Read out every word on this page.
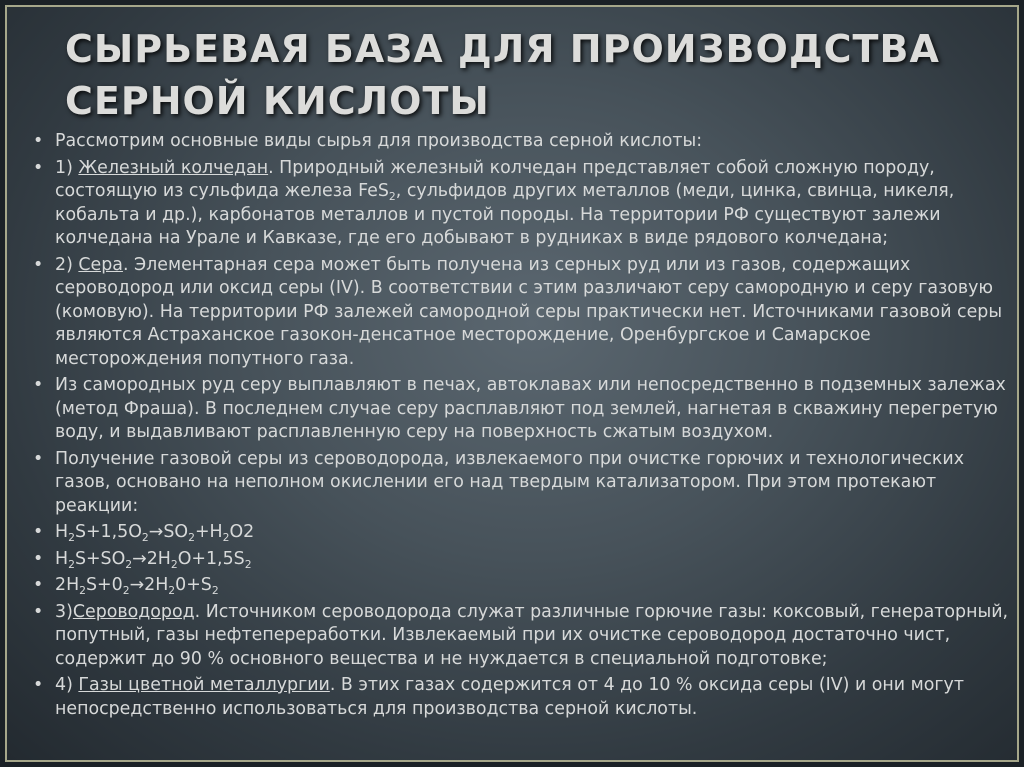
СЫРЬЕВАЯ БАЗА ДЛЯ ПРОИЗВОДСТВА
СЕРНОЙ КИСЛОТЫ
• Рассмотрим основные виды сырья для производства серной кислоты:
• 1) Железный колчедан. Природный железный колчедан представляет собой сложную породу, состоящую из сульфида железа FeS$_2$, сульфидов других металлов (меди, цинка, свинца, никеля, кобальта и др.), карбонатов металлов и пустой породы. На территории РФ существуют залежи колчедана на Урале и Кавказе, где его добывают в рудниках в виде рядового колчедана;
• 2) Сера. Элементарная сера может быть получена из серных руд или из газов, содержащих сероводород или оксид серы (IV). В соответствии с этим различают серу самородную и серу газовую (комовую). На территории РФ залежей самородной серы практически нет. Источниками газовой серы являются Астраханское газокон-денсатное месторождение, Оренбургское и Самарское месторождения попутного газа.
• Из самородных руд серу выплавляют в печах, автоклавах или непосредственно в подземных залежах (метод Фраша). В последнем случае серу расплавляют под землей, нагнетая в скважину перегретую воду, и выдавливают расплавленную серу на поверхность сжатым воздухом.
• Получение газовой серы из сероводорода, извлекаемого при очистке горючих и технологических газов, основано на неполном окислении его над твердым катализатором. При этом протекают реакции:
• $H_2S+1,5O_2\to SO_2+H_2O2$
• $H_2S+SO_2\to 2H_2O+1,5S_2$
• $2H_2S+0_2\to 2H_20+S_2$
• 3)Сероводород. Источником сероводорода служат различные горючие газы: коксовый, генераторный, попутный, газы нефтепереработки. Извлекаемый при их очистке сероводород достаточно чист, содержит до 90 % основного вещества и не нуждается в специальной подготовке;
• 4) Газы цветной металлургии. В этих газах содержится от 4 до 10 % оксида серы (IV) и они могут непосредственно использоваться для производства серной кислоты.
